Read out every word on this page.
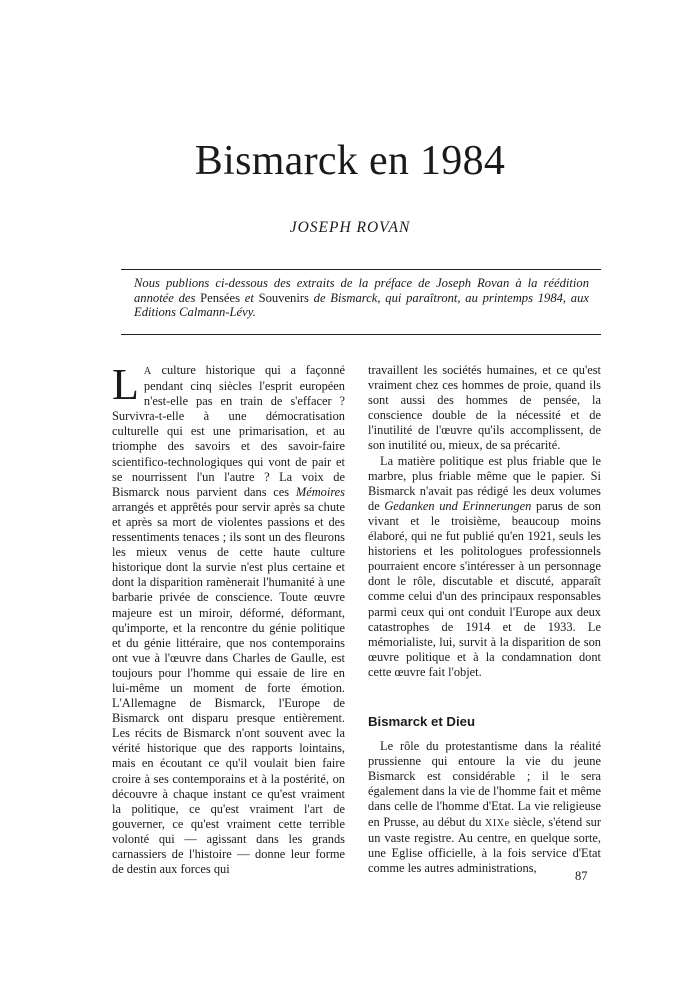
Bismarck en 1984

JOSEPH ROVAN

Nous publions ci-dessous des extraits de la préface de Joseph Rovan à la réédition annotée des Pensées et Souvenirs de Bismarck, qui paraîtront, au printemps 1984, aux Editions Calmann-Lévy.

L A culture historique qui a façonné pendant cinq siècles l'esprit européen n'est-elle pas en train de s'effacer ? Survivra-t-elle à une démocratisation culturelle qui est une primarisation, et au triomphe des savoirs et des savoir-faire scientifico-technologiques qui vont de pair et se nourrissent l'un l'autre ? La voix de Bismarck nous parvient dans ces Mémoires arrangés et apprêtés pour servir après sa chute et après sa mort de violentes passions et des ressentiments tenaces ; ils sont un des fleurons les mieux venus de cette haute culture historique dont la survie n'est plus certaine et dont la disparition ramènerait l'humanité à une barbarie privée de conscience. Toute œuvre majeure est un miroir, déformé, déformant, qu'importe, et la rencontre du génie politique et du génie littéraire, que nos contemporains ont vue à l'œuvre dans Charles de Gaulle, est toujours pour l'homme qui essaie de lire en lui-même un moment de forte émotion. L'Allemagne de Bismarck, l'Europe de Bismarck ont disparu presque entièrement. Les récits de Bismarck n'ont souvent avec la vérité historique que des rapports lointains, mais en écoutant ce qu'il voulait bien faire croire à ses contemporains et à la postérité, on découvre à chaque instant ce qu'est vraiment la politique, ce qu'est vraiment l'art de gouverner, ce qu'est vraiment cette terrible volonté qui — agissant dans les grands carnassiers de l'histoire — donne leur forme de destin aux forces qui

travaillent les sociétés humaines, et ce qu'est vraiment chez ces hommes de proie, quand ils sont aussi des hommes de pensée, la conscience double de la nécessité et de l'inutilité de l'œuvre qu'ils accomplissent, de son inutilité ou, mieux, de sa précarité.

La matière politique est plus friable que le marbre, plus friable même que le papier. Si Bismarck n'avait pas rédigé les deux volumes de Gedanken und Erinnerungen parus de son vivant et le troisième, beaucoup moins élaboré, qui ne fut publié qu'en 1921, seuls les historiens et les politologues professionnels pourraient encore s'intéresser à un personnage dont le rôle, discutable et discuté, apparaît comme celui d'un des principaux responsables parmi ceux qui ont conduit l'Europe aux deux catastrophes de 1914 et de 1933. Le mémorialiste, lui, survit à la disparition de son œuvre politique et à la condamnation dont cette œuvre fait l'objet.

Bismarck et Dieu

Le rôle du protestantisme dans la réalité prussienne qui entoure la vie du jeune Bismarck est considérable ; il le sera également dans la vie de l'homme fait et même dans celle de l'homme d'Etat. La vie religieuse en Prusse, au début du XIXe siècle, s'étend sur un vaste registre. Au centre, en quelque sorte, une Eglise officielle, à la fois service d'Etat comme les autres administrations,

87
